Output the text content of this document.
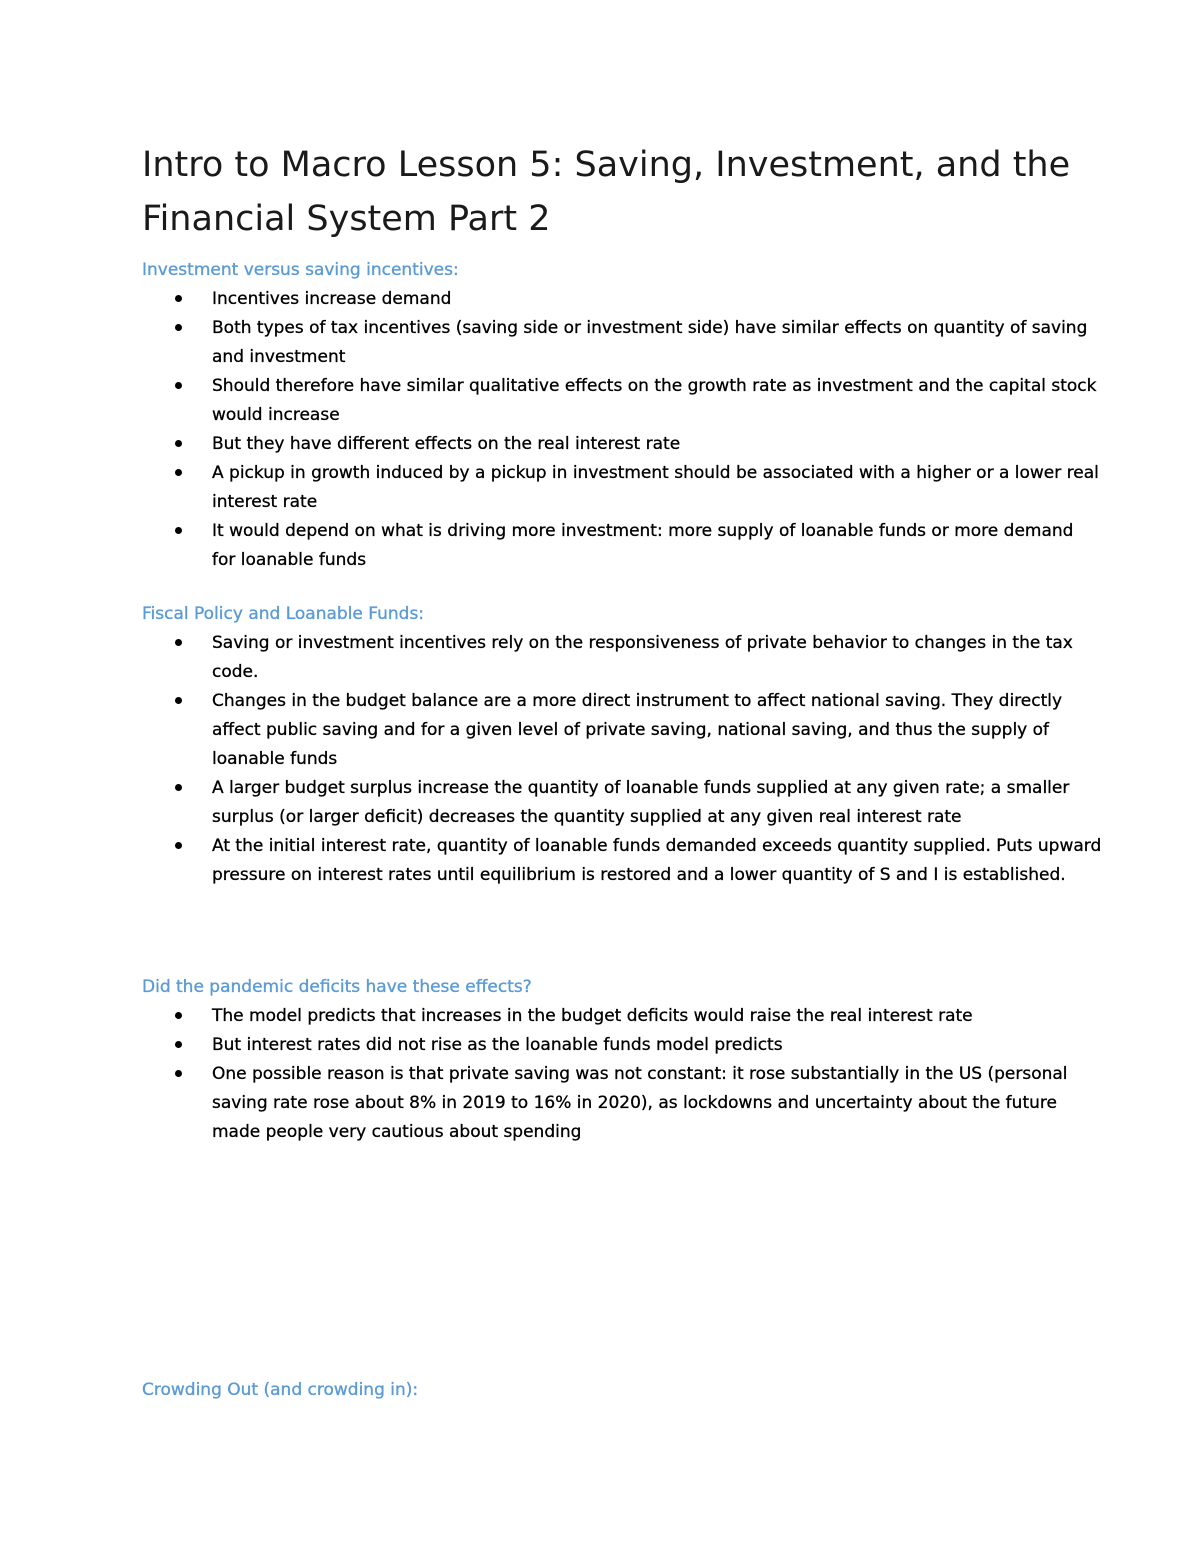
Intro to Macro Lesson 5: Saving, Investment, and the Financial System Part 2
Investment versus saving incentives:
Incentives increase demand
Both types of tax incentives (saving side or investment side) have similar effects on quantity of saving and investment
Should therefore have similar qualitative effects on the growth rate as investment and the capital stock would increase
But they have different effects on the real interest rate
A pickup in growth induced by a pickup in investment should be associated with a higher or a lower real interest rate
It would depend on what is driving more investment: more supply of loanable funds or more demand for loanable funds
Fiscal Policy and Loanable Funds:
Saving or investment incentives rely on the responsiveness of private behavior to changes in the tax code.
Changes in the budget balance are a more direct instrument to affect national saving. They directly affect public saving and for a given level of private saving, national saving, and thus the supply of loanable funds
A larger budget surplus increase the quantity of loanable funds supplied at any given rate; a smaller surplus (or larger deficit) decreases the quantity supplied at any given real interest rate
At the initial interest rate, quantity of loanable funds demanded exceeds quantity supplied. Puts upward pressure on interest rates until equilibrium is restored and a lower quantity of S and I is established.
Did the pandemic deficits have these effects?
The model predicts that increases in the budget deficits would raise the real interest rate
But interest rates did not rise as the loanable funds model predicts
One possible reason is that private saving was not constant: it rose substantially in the US (personal saving rate rose about 8% in 2019 to 16% in 2020), as lockdowns and uncertainty about the future made people very cautious about spending
Crowding Out (and crowding in):
